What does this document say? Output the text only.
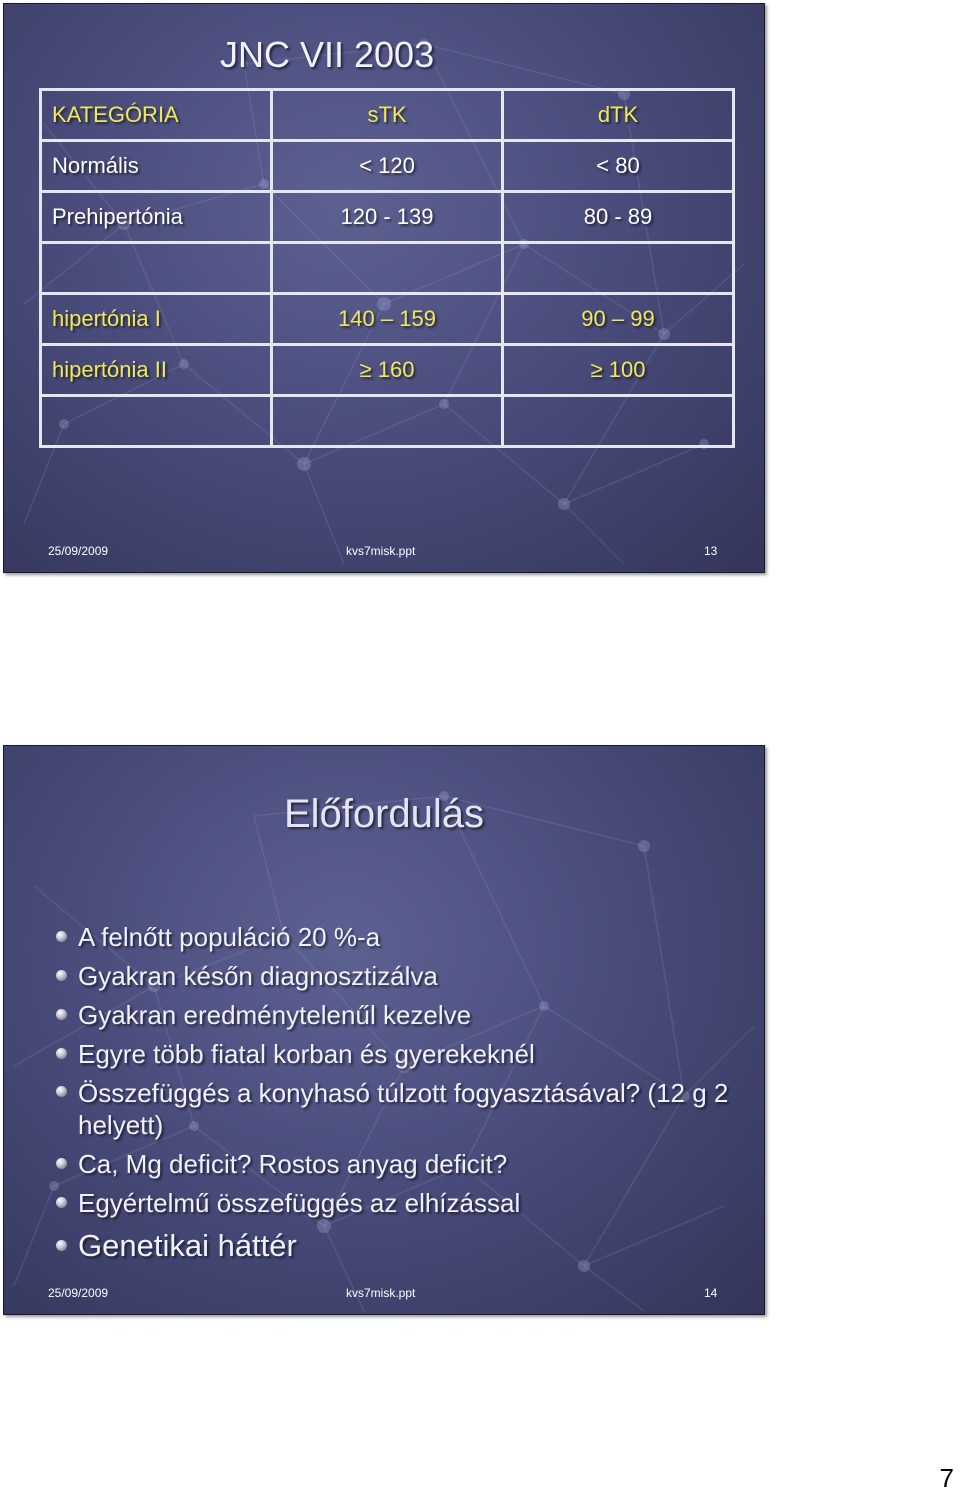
JNC VII 2003
KATEGÓRIA	sTK	dTK
Normális	< 120	< 80
Prehipertónia	120 - 139	80 - 89

hipertónia I	140 – 159	90 – 99
hipertónia II	≥ 160	≥ 100

25/09/2009	kvs7misk.ppt	13
Előfordulás
A felnőtt populáció 20 %-a
Gyakran későn diagnosztizálva
Gyakran eredménytelenűl kezelve
Egyre több fiatal korban és gyerekeknél
Összefüggés a konyhasó túlzott fogyasztásával? (12 g 2 helyett)
Ca, Mg deficit? Rostos anyag deficit?
Egyértelmű összefüggés az elhízással
Genetikai háttér
25/09/2009	kvs7misk.ppt	14
7
